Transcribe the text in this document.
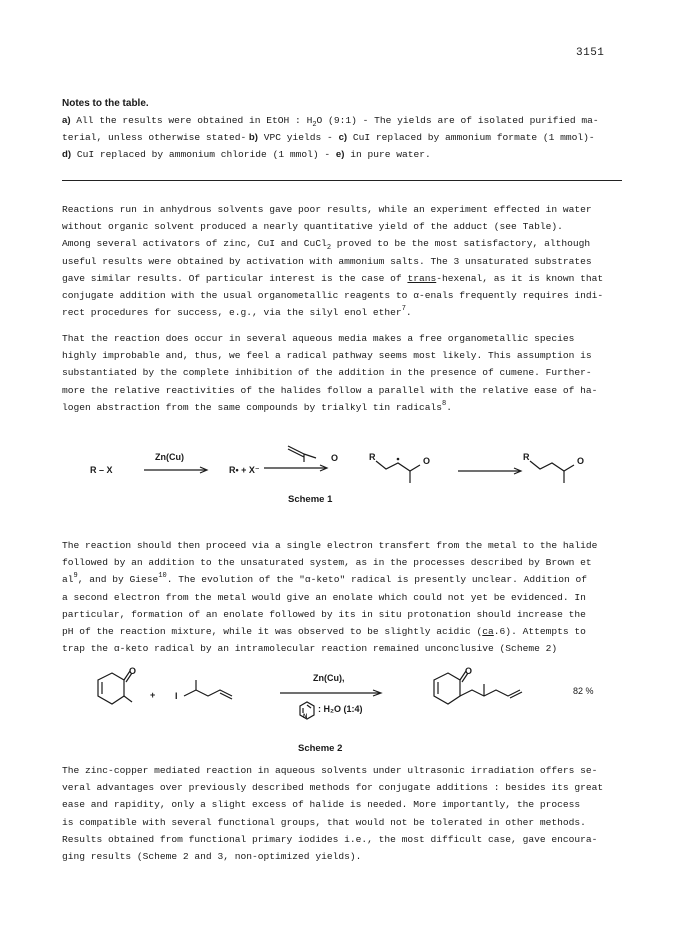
3151
Notes to the table.
a) All the results were obtained in EtOH : $H_2O$ (9:1) - The yields are of isolated purified ma-
terial, unless otherwise stated- b) VPC yields - c) CuI replaced by ammonium formate (1 mmol)-
d) CuI replaced by ammonium chloride (1 mmol) - e) in pure water.
Reactions run in anhydrous solvents gave poor results, while an experiment effected in water
without organic solvent produced a nearly quantitative yield of the adduct (see Table).
Among several activators of zinc, CuI and CuCl$_2$ proved to be the most satisfactory, although
useful results were obtained by activation with ammonium salts. The 3 unsaturated substrates
gave similar results. Of particular interest is the case of trans-hexenal, as it is known that
conjugate addition with the usual organometallic reagents to α-enals frequently requires indi-
rect procedures for success, e.g., via the silyl enol ether$^7$.
That the reaction does occur in several aqueous media makes a free organometallic species
highly improbable and, thus, we feel a radical pathway seems most likely. This assumption is
substantiated by the complete inhibition of the addition in the presence of cumene. Further-
more the relative reactivities of the halides follow a parallel with the relative ease of ha-
logen abstraction from the same compounds by trialkyl tin radicals$^8$.
R – X
Zn(Cu)
R• + X⁻
O	R	O	R	O
Scheme 1
The reaction should then proceed via a single electron transfert from the metal to the halide
followed by an addition to the unsaturated system, as in the processes described by Brown et
$al^9$, and by Giese$^{10}$. The evolution of the "α-keto" radical is presently unclear. Addition of
a second electron from the metal would give an enolate which could not yet be evidenced. In
particular, formation of an enolate followed by its in situ protonation should increase the
pH of the reaction mixture, while it was observed to be slightly acidic (ca.6). Attempts to
trap the α-keto radical by an intramolecular reaction remained unconclusive (Scheme 2)
O
+ I
Zn(Cu),
N
: H₂O (1:4)
O
82 %
Scheme 2
The zinc-copper mediated reaction in aqueous solvents under ultrasonic irradiation offers se-
veral advantages over previously described methods for conjugate additions : besides its great
ease and rapidity, only a slight excess of halide is needed. More importantly, the process
is compatible with several functional groups, that would not be tolerated in other methods.
Results obtained from functional primary iodides i.e., the most difficult case, gave encoura-
ging results (Scheme 2 and 3, non-optimized yields).
